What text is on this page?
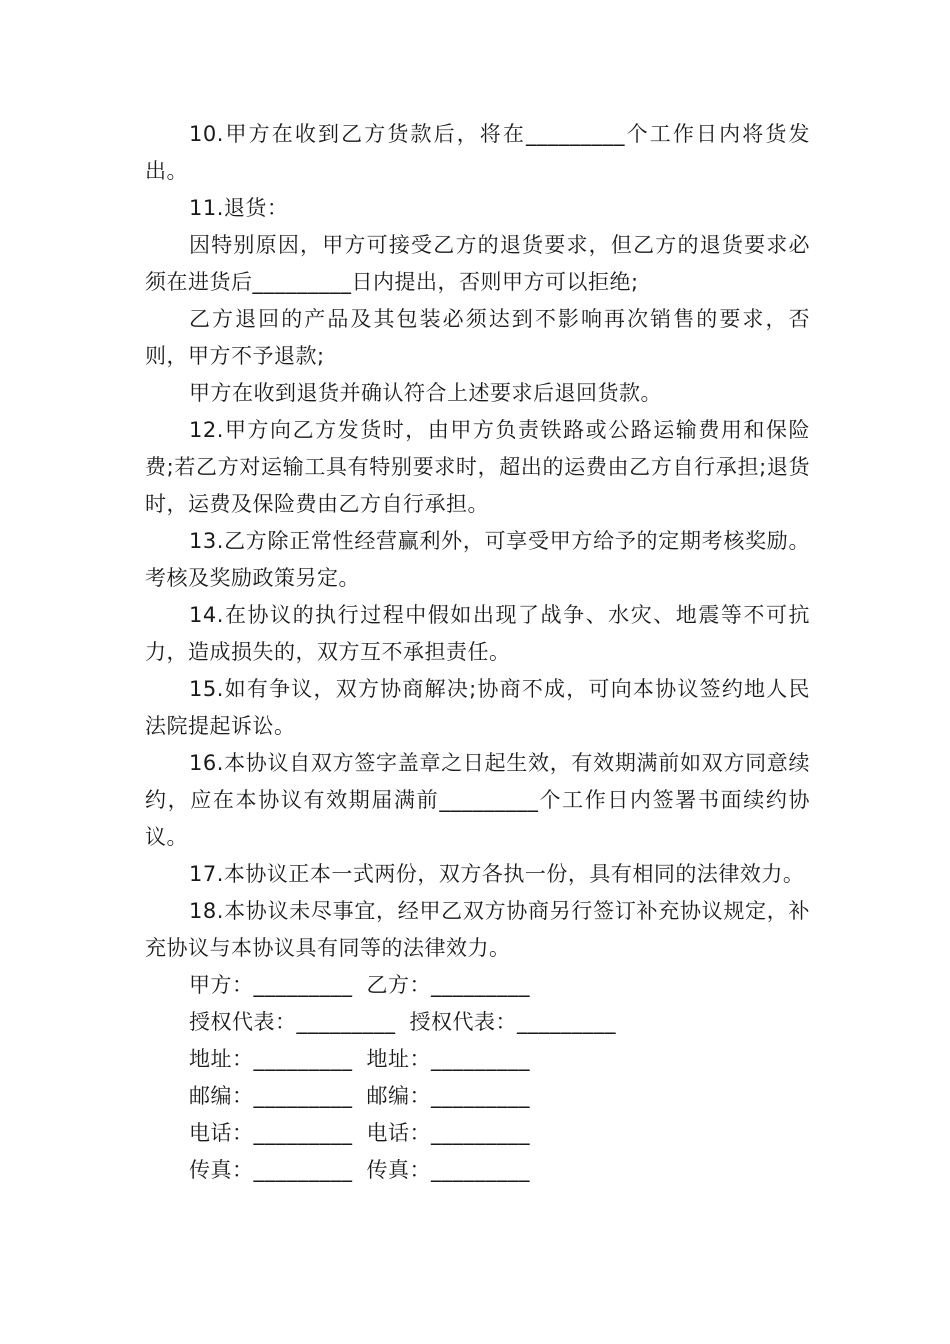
10.甲方在收到乙方货款后，将在_________个工作日内将货发出。

11.退货：

因特别原因，甲方可接受乙方的退货要求，但乙方的退货要求必须在进货后_________日内提出，否则甲方可以拒绝;

乙方退回的产品及其包装必须达到不影响再次销售的要求，否则，甲方不予退款;

甲方在收到退货并确认符合上述要求后退回货款。

12.甲方向乙方发货时，由甲方负责铁路或公路运输费用和保险费;若乙方对运输工具有特别要求时，超出的运费由乙方自行承担;退货时，运费及保险费由乙方自行承担。

13.乙方除正常性经营赢利外，可享受甲方给予的定期考核奖励。考核及奖励政策另定。

14.在协议的执行过程中假如出现了战争、水灾、地震等不可抗力，造成损失的，双方互不承担责任。

15.如有争议，双方协商解决;协商不成，可向本协议签约地人民法院提起诉讼。

16.本协议自双方签字盖章之日起生效，有效期满前如双方同意续约，应在本协议有效期届满前_________个工作日内签署书面续约协议。

17.本协议正本一式两份，双方各执一份，具有相同的法律效力。

18.本协议未尽事宜，经甲乙双方协商另行签订补充协议规定，补充协议与本协议具有同等的法律效力。

甲方：_________ 乙方：_________
授权代表：_________ 授权代表：_________
地址：_________ 地址：_________
邮编：_________ 邮编：_________
电话：_________ 电话：_________
传真：_________ 传真：_________
